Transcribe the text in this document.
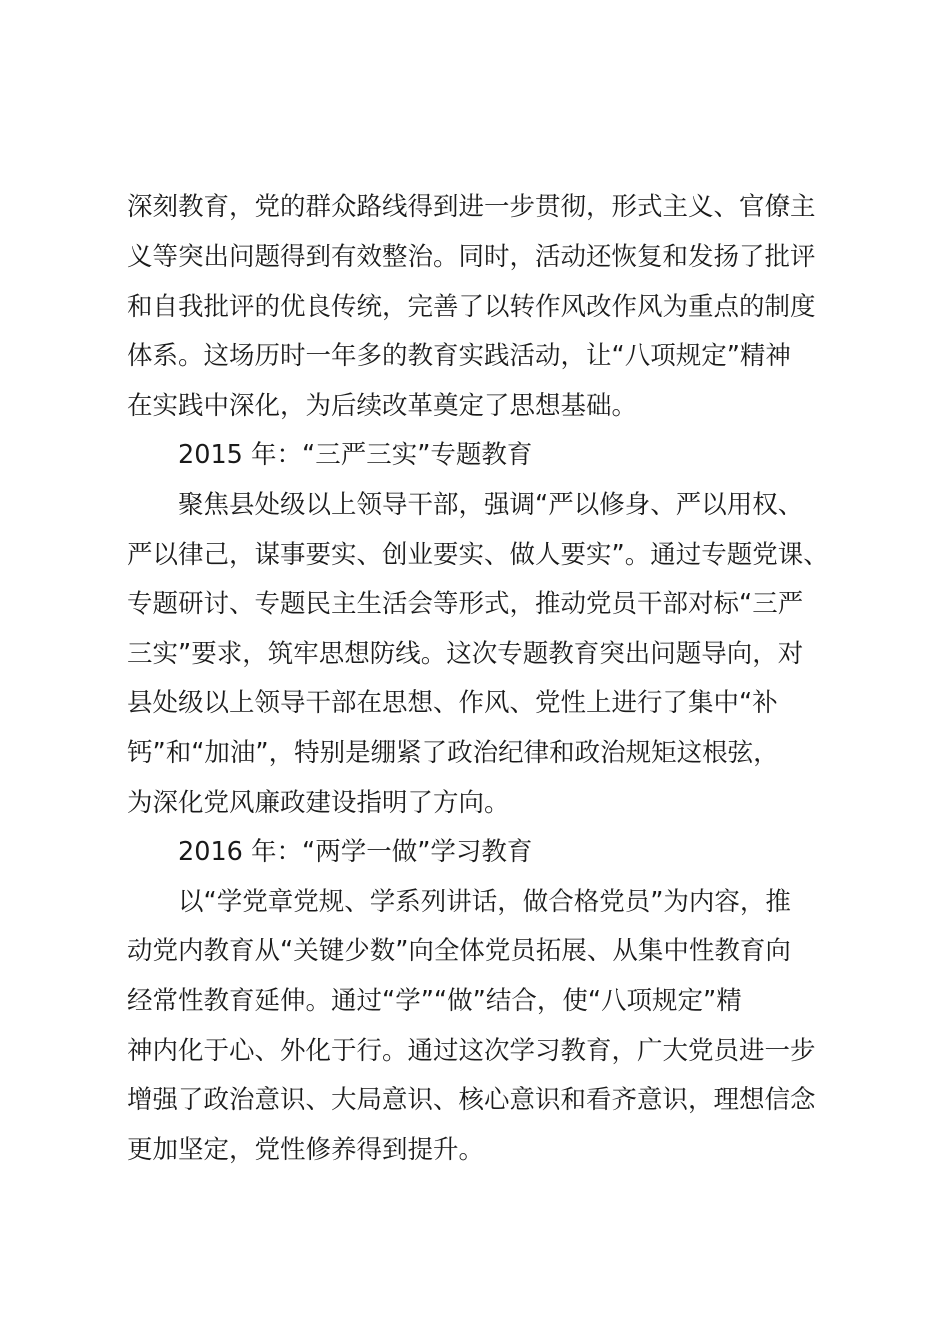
深刻教育，党的群众路线得到进一步贯彻，形式主义、官僚主
义等突出问题得到有效整治。同时，活动还恢复和发扬了批评
和自我批评的优良传统，完善了以转作风改作风为重点的制度
体系。这场历时一年多的教育实践活动，让“八项规定”精神
在实践中深化，为后续改革奠定了思想基础。
2015 年：“三严三实”专题教育
聚焦县处级以上领导干部，强调“严以修身、严以用权、
严以律己，谋事要实、创业要实、做人要实”。通过专题党课、
专题研讨、专题民主生活会等形式，推动党员干部对标“三严
三实”要求，筑牢思想防线。这次专题教育突出问题导向，对
县处级以上领导干部在思想、作风、党性上进行了集中“补
钙”和“加油”，特别是绷紧了政治纪律和政治规矩这根弦，
为深化党风廉政建设指明了方向。
2016 年：“两学一做”学习教育
以“学党章党规、学系列讲话，做合格党员”为内容，推
动党内教育从“关键少数”向全体党员拓展、从集中性教育向
经常性教育延伸。通过“学”“做”结合，使“八项规定”精
神内化于心、外化于行。通过这次学习教育，广大党员进一步
增强了政治意识、大局意识、核心意识和看齐意识，理想信念
更加坚定，党性修养得到提升。
